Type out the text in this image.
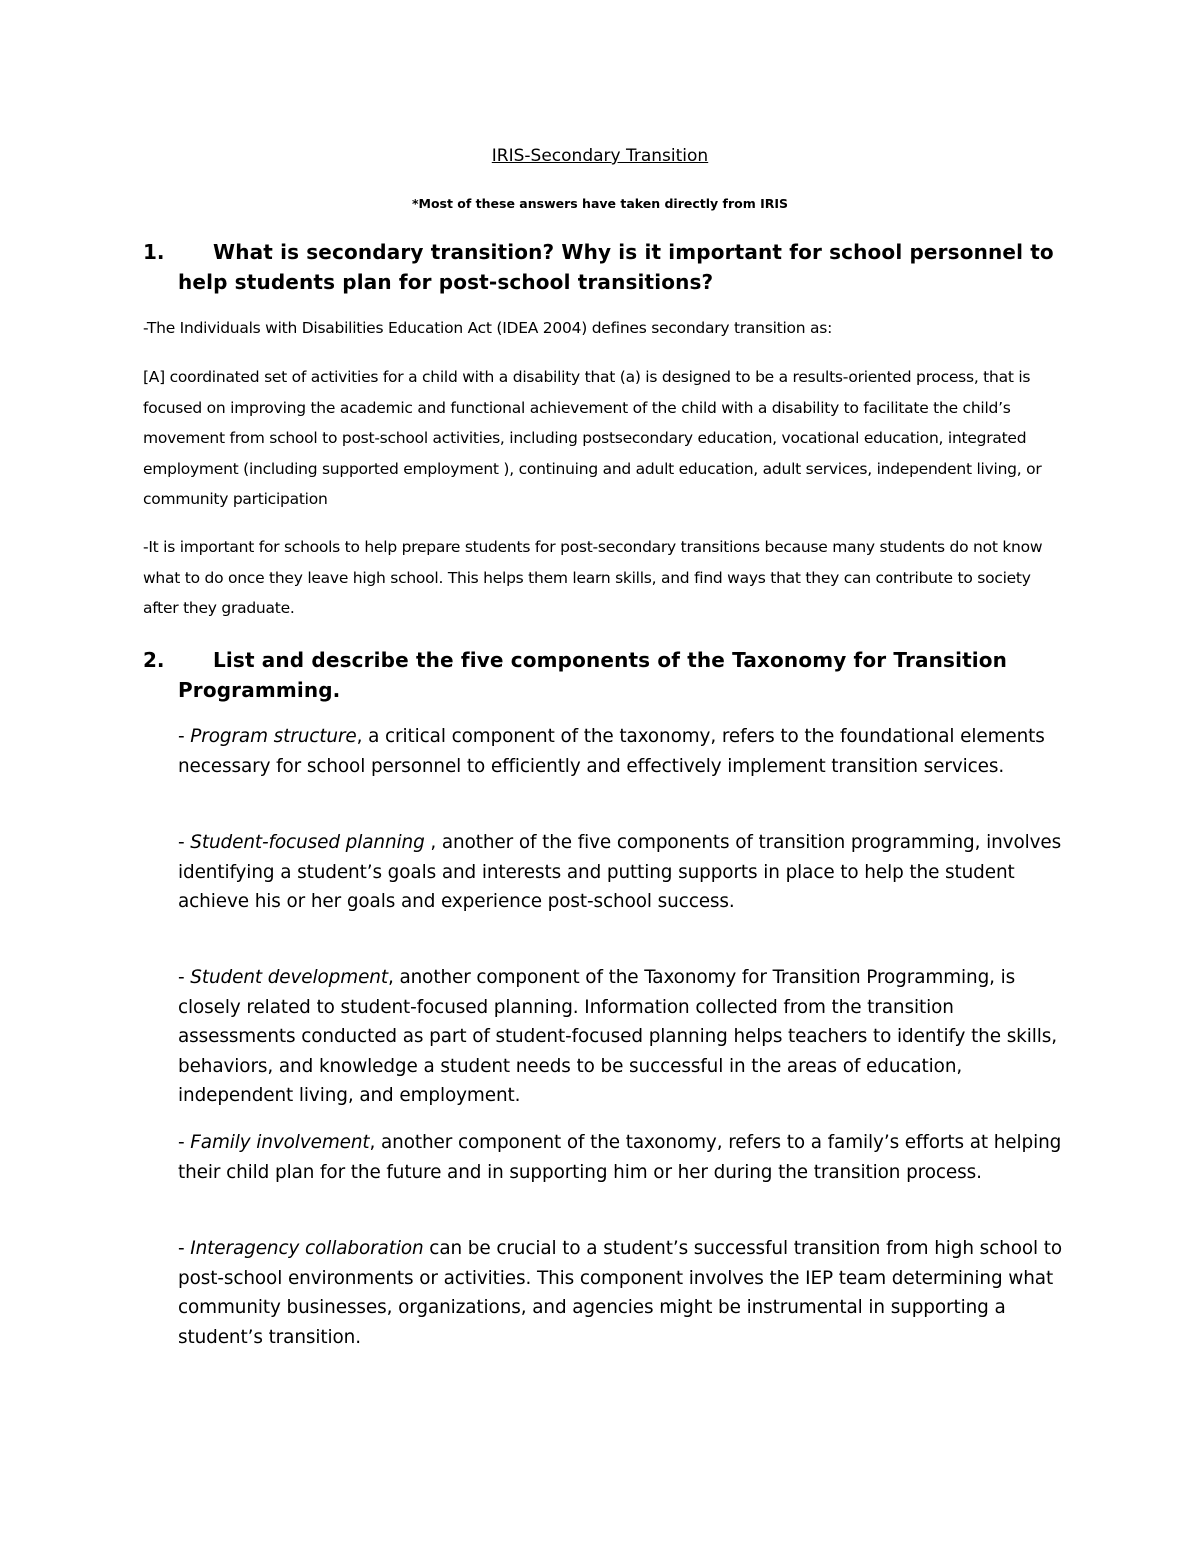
IRIS-Secondary Transition
*Most of these answers have taken directly from IRIS
1.	What is secondary transition? Why is it important for school personnel to help students plan for post-school transitions?
-The Individuals with Disabilities Education Act (IDEA 2004) defines secondary transition as:
[A] coordinated set of activities for a child with a disability that (a) is designed to be a results-oriented process, that is focused on improving the academic and functional achievement of the child with a disability to facilitate the child’s movement from school to post-school activities, including postsecondary education, vocational education, integrated employment (including supported employment ), continuing and adult education, adult services, independent living, or community participation
-It is important for schools to help prepare students for post-secondary transitions because many students do not know what to do once they leave high school. This helps them learn skills, and find ways that they can contribute to society after they graduate.
2.	List and describe the five components of the Taxonomy for Transition Programming.
- Program structure, a critical component of the taxonomy, refers to the foundational elements necessary for school personnel to efficiently and effectively implement transition services.
- Student-focused planning , another of the five components of transition programming, involves identifying a student’s goals and interests and putting supports in place to help the student achieve his or her goals and experience post-school success.
- Student development, another component of the Taxonomy for Transition Programming, is closely related to student-focused planning. Information collected from the transition assessments conducted as part of student-focused planning helps teachers to identify the skills, behaviors, and knowledge a student needs to be successful in the areas of education, independent living, and employment.
- Family involvement, another component of the taxonomy, refers to a family’s efforts at helping their child plan for the future and in supporting him or her during the transition process.
- Interagency collaboration can be crucial to a student’s successful transition from high school to post-school environments or activities. This component involves the IEP team determining what community businesses, organizations, and agencies might be instrumental in supporting a student’s transition.
